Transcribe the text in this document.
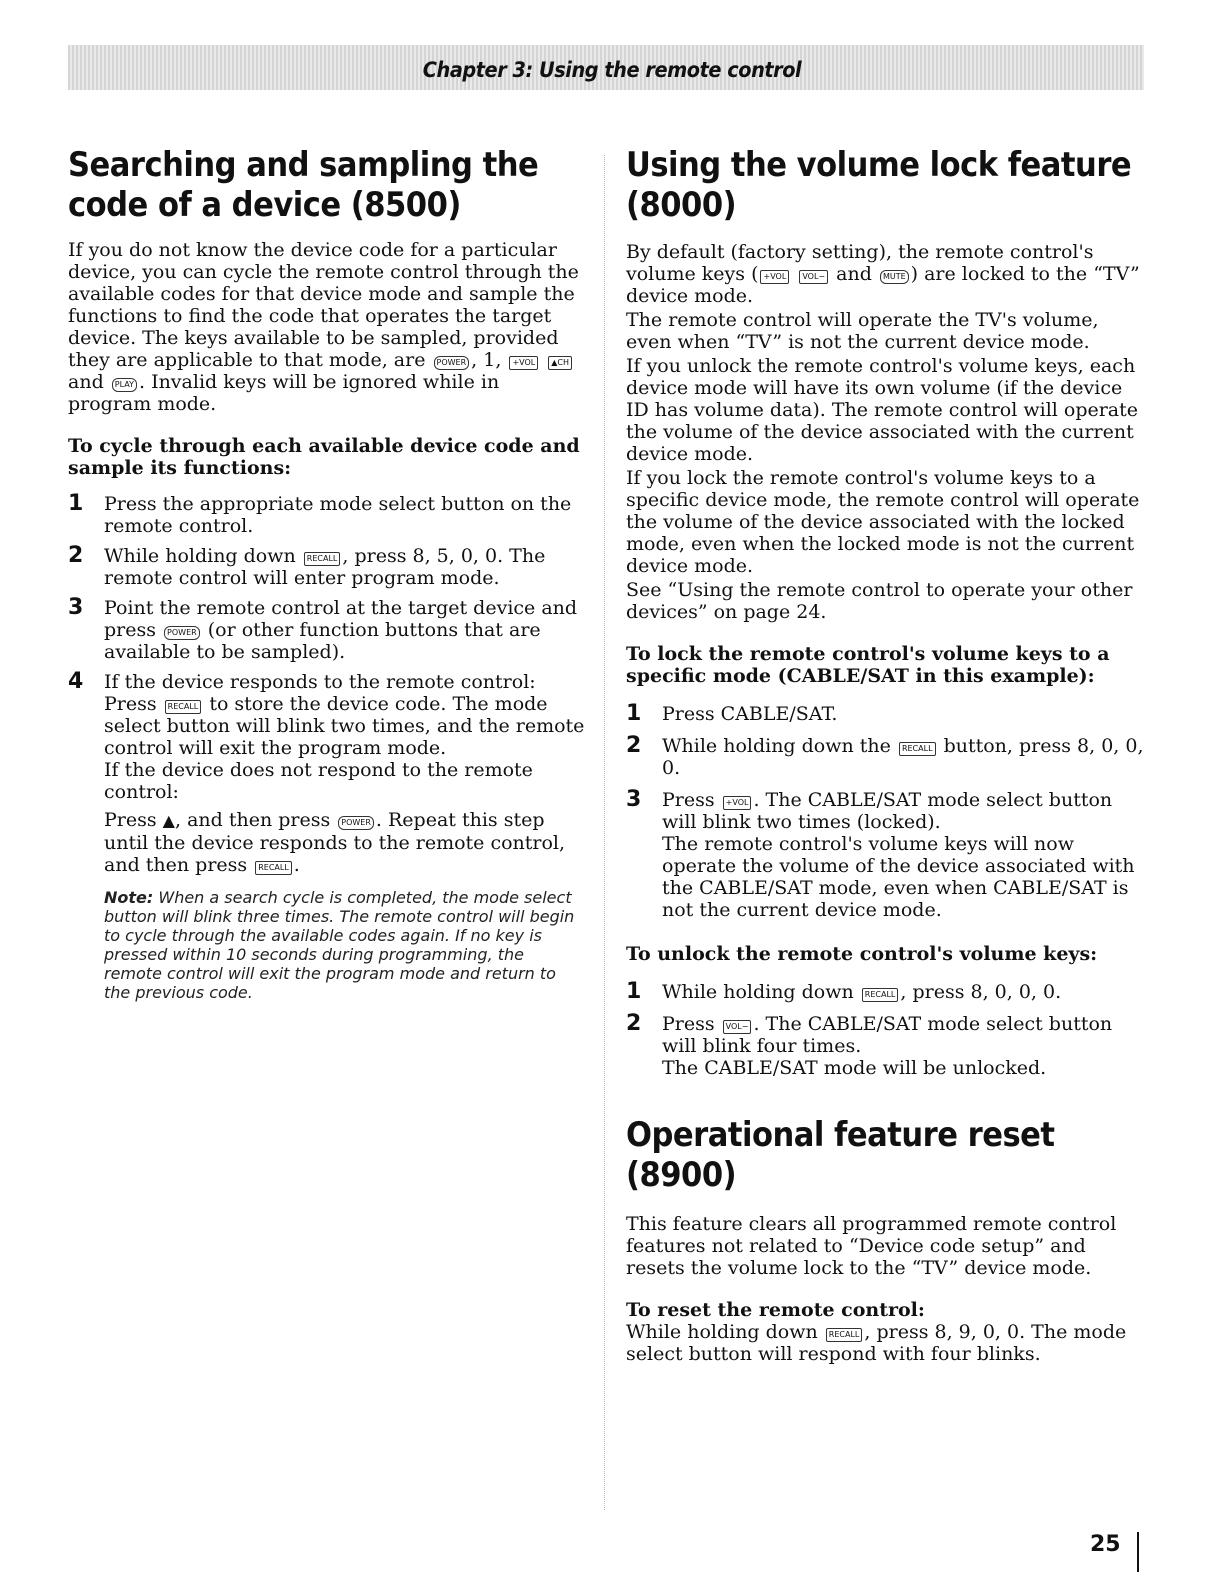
Chapter 3: Using the remote control
Searching and sampling the code of a device (8500)

If you do not know the device code for a particular

device, you can cycle the remote control through the

available codes for that device mode and sample the

functions to find the code that operates the target

device. The keys available to be sampled, provided

they are applicable to that mode, are POWER , 1, +VOL ▲CH

and PLAY . Invalid keys will be ignored while in

program mode.

To cycle through each available device code and sample its functions:

1 Press the appropriate mode select button on the remote control.
2 While holding down RECALL , press 8, 5, 0, 0. The remote control will enter program mode.
3 Point the remote control at the target device and press POWER (or other function buttons that are available to be sampled).
4 If the device responds to the remote control:
Press RECALL to store the device code. The mode select button will blink two times, and the remote control will exit the program mode.
If the device does not respond to the remote control:
Press ▲, and then press POWER . Repeat this step until the device responds to the remote control, and then press RECALL .
Note: When a search cycle is completed, the mode select button will blink three times. The remote control will begin to cycle through the available codes again. If no key is pressed within 10 seconds during programming, the remote control will exit the program mode and return to the previous code.
Using the volume lock feature (8000)

By default (factory setting), the remote control's volume keys ( +VOL VOL− and MUTE ) are locked to the “TV” device mode.

The remote control will operate the TV's volume, even when “TV” is not the current device mode.

If you unlock the remote control's volume keys, each device mode will have its own volume (if the device ID has volume data). The remote control will operate the volume of the device associated with the current device mode.

If you lock the remote control's volume keys to a specific device mode, the remote control will operate the volume of the device associated with the locked mode, even when the locked mode is not the current device mode.

See “Using the remote control to operate your other devices” on page 24.

To lock the remote control's volume keys to a specific mode (CABLE/SAT in this example):

1 Press CABLE/SAT.
2 While holding down the RECALL button, press 8, 0, 0, 0.
3 Press +VOL . The CABLE/SAT mode select button will blink two times (locked).
The remote control's volume keys will now operate the volume of the device associated with the CABLE/SAT mode, even when CABLE/SAT is not the current device mode.

To unlock the remote control's volume keys:

1 While holding down RECALL , press 8, 0, 0, 0.
2 Press VOL− . The CABLE/SAT mode select button will blink four times.
The CABLE/SAT mode will be unlocked.
Operational feature reset (8900)

This feature clears all programmed remote control features not related to “Device code setup” and resets the volume lock to the “TV” device mode.

To reset the remote control:

While holding down RECALL , press 8, 9, 0, 0. The mode select button will respond with four blinks.

25
